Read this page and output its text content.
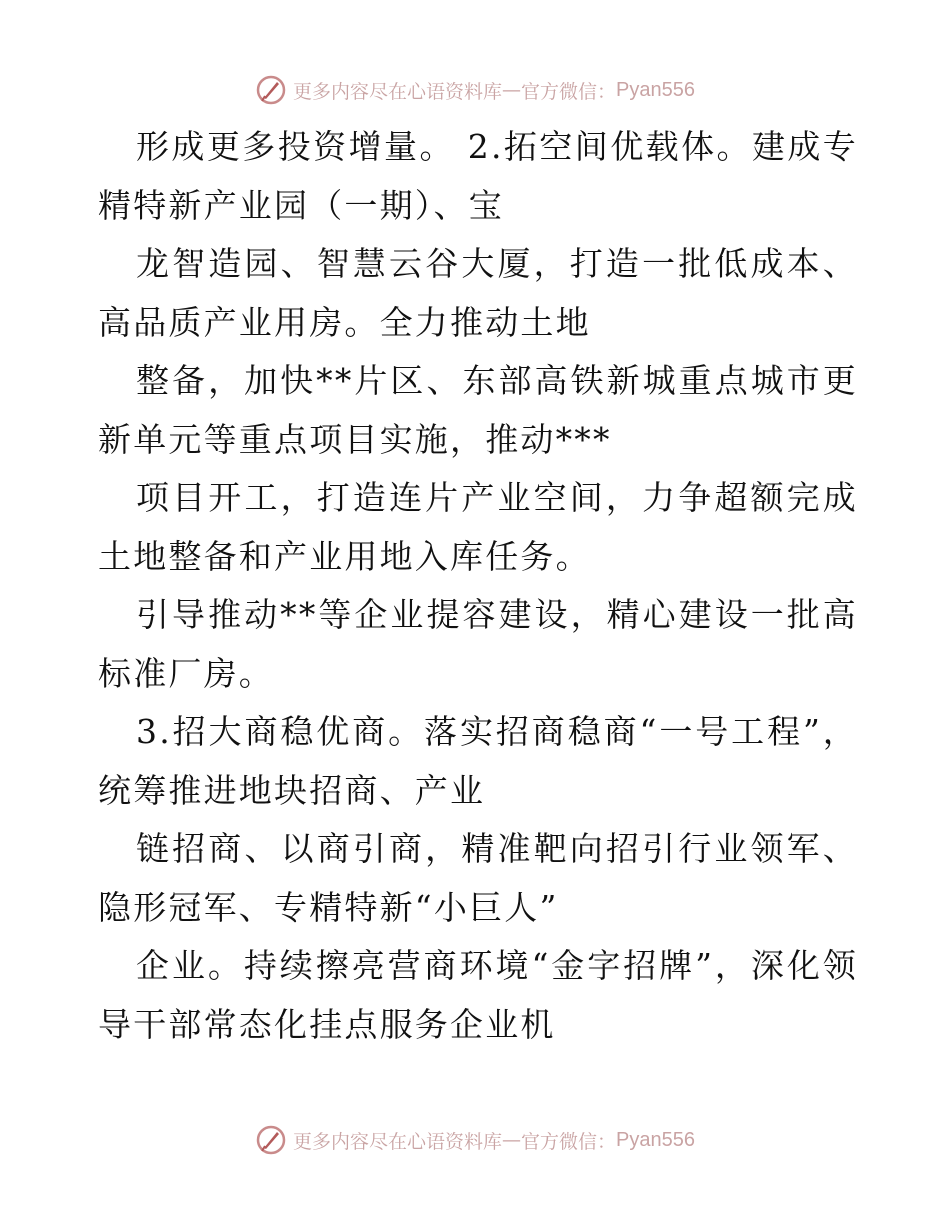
更多内容尽在心语资料库 — 官方微信： Pyan556

形成更多投资增量。 2.拓空间优载体。建成专精特新产业园（一期）、宝

龙智造园、智慧云谷大厦，打造一批低成本、高品质产业用房。全力推动土地

整备，加快**片区、东部高铁新城重点城市更新单元等重点项目实施，推动***

项目开工，打造连片产业空间，力争超额完成土地整备和产业用地入库任务。

引导推动**等企业提容建设，精心建设一批高标准厂房。

3.招大商稳优商。落实招商稳商“一号工程”，统筹推进地块招商、产业

链招商、以商引商，精准靶向招引行业领军、隐形冠军、专精特新“小巨人”

企业。持续擦亮营商环境“金字招牌”，深化领导干部常态化挂点服务企业机

更多内容尽在心语资料库 — 官方微信： Pyan556
